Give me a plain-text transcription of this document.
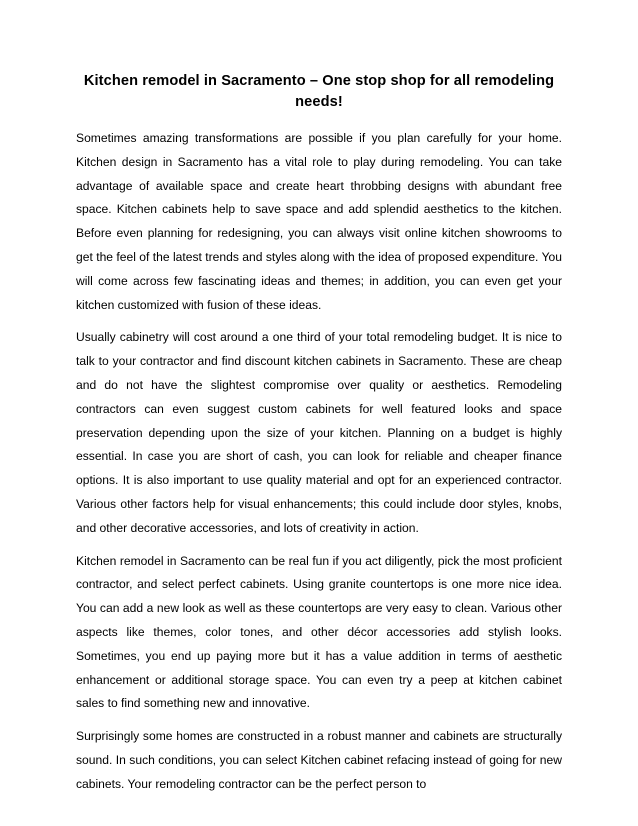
Kitchen remodel in Sacramento – One stop shop for all remodeling needs!

Sometimes amazing transformations are possible if you plan carefully for your home. Kitchen design in Sacramento has a vital role to play during remodeling. You can take advantage of available space and create heart throbbing designs with abundant free space. Kitchen cabinets help to save space and add splendid aesthetics to the kitchen. Before even planning for redesigning, you can always visit online kitchen showrooms to get the feel of the latest trends and styles along with the idea of proposed expenditure. You will come across few fascinating ideas and themes; in addition, you can even get your kitchen customized with fusion of these ideas.

Usually cabinetry will cost around a one third of your total remodeling budget. It is nice to talk to your contractor and find discount kitchen cabinets in Sacramento. These are cheap and do not have the slightest compromise over quality or aesthetics. Remodeling contractors can even suggest custom cabinets for well featured looks and space preservation depending upon the size of your kitchen. Planning on a budget is highly essential. In case you are short of cash, you can look for reliable and cheaper finance options. It is also important to use quality material and opt for an experienced contractor. Various other factors help for visual enhancements; this could include door styles, knobs, and other decorative accessories, and lots of creativity in action.

Kitchen remodel in Sacramento can be real fun if you act diligently, pick the most proficient contractor, and select perfect cabinets. Using granite countertops is one more nice idea. You can add a new look as well as these countertops are very easy to clean. Various other aspects like themes, color tones, and other décor accessories add stylish looks. Sometimes, you end up paying more but it has a value addition in terms of aesthetic enhancement or additional storage space. You can even try a peep at kitchen cabinet sales to find something new and innovative.

Surprisingly some homes are constructed in a robust manner and cabinets are structurally sound. In such conditions, you can select Kitchen cabinet refacing instead of going for new cabinets. Your remodeling contractor can be the perfect person to
